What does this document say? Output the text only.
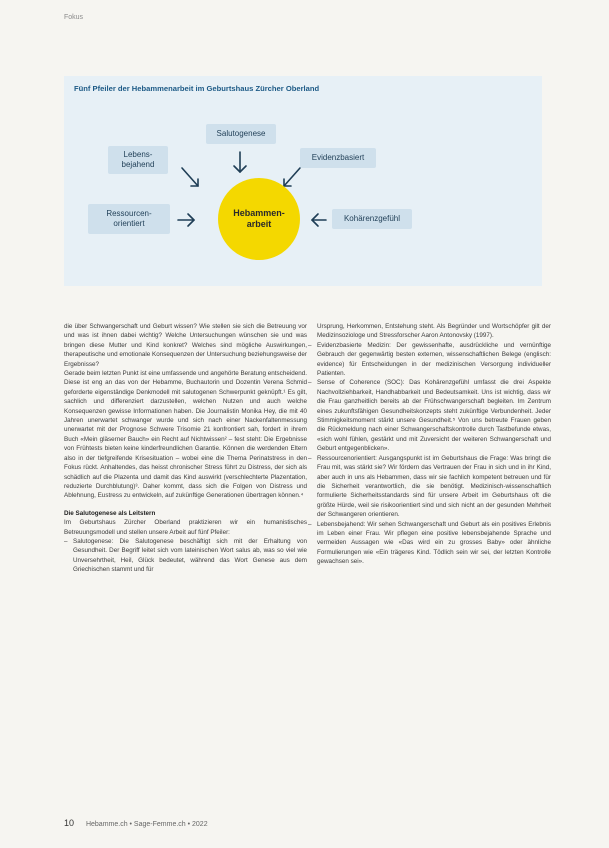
Fokus
Fünf Pfeiler der Hebammenarbeit im Geburtshaus Zürcher Oberland
Salutogenese
Lebens-
bejahend
Evidenzbasiert
Ressourcen-
orientiert
Kohärenzgefühl
Hebammen-
arbeit

die über Schwangerschaft und Geburt wissen? Wie stellen sie sich die Betreuung vor und was ist ihnen dabei wichtig? Welche Untersuchungen wünschen sie und was bringen diese Mutter und Kind konkret? Welches sind mögliche Auswirkungen, therapeutische und emotionale Konsequenzen der Untersuchung beziehungsweise der Ergebnisse?

Gerade beim letzten Punkt ist eine umfassende und angehörte Beratung entscheidend. Diese ist eng an das von der Hebamme, Buchautorin und Dozentin Verena Schmid geforderte eigenständige Denkmodell mit salutogenen Schwerpunkt geknüpft.¹ Es gilt, sachlich und differenziert darzustellen, welchen Nutzen und auch welche Konsequenzen gewisse Informationen haben. Die Journalistin Monika Hey, die mit 40 Jahren unerwartet schwanger wurde und sich nach einer Nackenfaltenmessung unerwartet mit der Prognose Schwere Trisomie 21 konfrontiert sah, fordert in ihrem Buch «Mein gläserner Bauch» ein Recht auf Nichtwissen² – fest steht: Die Ergebnisse von Frühtests bieten keine kinderfreundlichen Garantie. Können die werdenden Eltern also in der tiefgreifende Krisesituation – wobei eine die Thema Perinatstress in den Fokus rückt. Anhaltendes, das heisst chronischer Stress führt zu Distress, der sich als schädlich auf die Plazenta und damit das Kind auswirkt (verschlechterte Plazentation, reduzierte Durchblutung)³. Daher kommt, dass sich die Folgen von Distress und Ablehnung, Eustress zu entwickeln, auf zukünftige Generationen übertragen können.⁴

Die Salutogenese als Leitstern

Im Geburtshaus Zürcher Oberland praktizieren wir ein humanistisches Betreuungsmodell und stellen unsere Arbeit auf fünf Pfeiler:

– Salutogenese: Die Salutogenese beschäftigt sich mit der Erhaltung von Gesundheit. Der Begriff leitet sich vom lateinischen Wort salus ab, was so viel wie Unversehrtheit, Heil, Glück bedeutet, während das Wort Genese aus dem Griechischen stammt und für

Ursprung, Herkommen, Entstehung steht. Als Begründer und Wortschöpfer gilt der Medizinsoziologe und Stressforscher Aaron Antonovsky (1997).

– Evidenzbasierte Medizin: Der gewissenhafte, ausdrückliche und vernünftige Gebrauch der gegenwärtig besten externen, wissenschaftlichen Belege (englisch: evidence) für Entscheidungen in der medizinischen Versorgung individueller Patienten.
– Sense of Coherence (SOC): Das Kohärenzgefühl umfasst die drei Aspekte Nachvollziehbarkeit, Handhabbarkeit und Bedeutsamkeit. Uns ist wichtig, dass wir die Frau ganzheitlich bereits ab der Frühschwangerschaft begleiten. Im Zentrum eines zukunftsfähigen Gesundheitskonzepts steht zukünftige Verbundenheit. Jeder Stimmigkeitsmoment stärkt unsere Gesundheit.⁵ Von uns betreute Frauen geben die Rückmeldung nach einer Schwangerschaftskontrolle durch Tastbefunde etwas, «sich wohl fühlen, gestärkt und mit Zuversicht der weiteren Schwangerschaft und Geburt entgegenblicken».
– Ressourcenorientiert: Ausgangspunkt ist im Geburtshaus die Frage: Was bringt die Frau mit, was stärkt sie? Wir fördern das Vertrauen der Frau in sich und in ihr Kind, aber auch in uns als Hebammen, dass wir sie fachlich kompetent betreuen und für die Sicherheit verantwortlich, die sie benötigt. Medizinisch-wissenschaftlich formulierte Sicherheitsstandards sind für unsere Arbeit im Geburtshaus oft die größte Hürde, weil sie risikoorientiert sind und sich nicht an der gesunden Mehrheit der Schwangeren orientieren.
– Lebensbejahend: Wir sehen Schwangerschaft und Geburt als ein positives Erlebnis im Leben einer Frau. Wir pflegen eine positive lebensbejahende Sprache und vermeiden Aussagen wie «Das wird ein zu grosses Baby» oder ähnliche Formulierungen wie «Ein trägeres Kind. Tödlich sein wir sei, der letzten Kontrolle gewachsen sei».
10 Hebamme.ch • Sage-Femme.ch • 2022
